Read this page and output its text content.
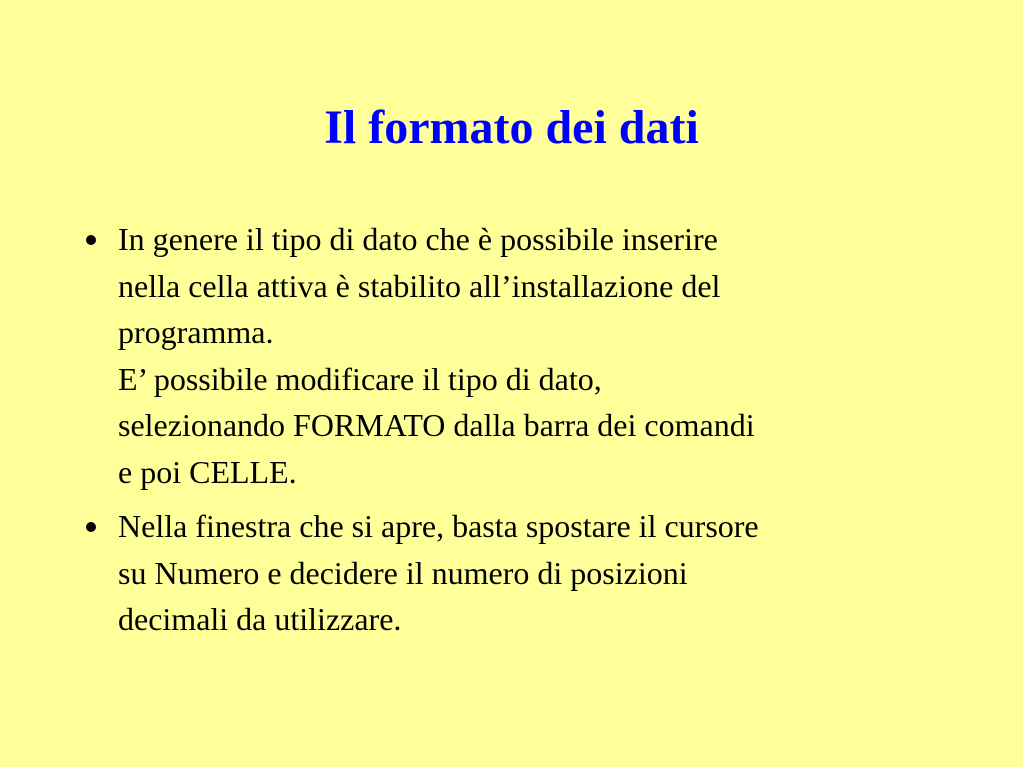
Il formato dei dati
In genere il tipo di dato che è possibile inserire
nella cella attiva è stabilito all’installazione del
programma.
E’ possibile modificare il tipo di dato,
selezionando FORMATO dalla barra dei comandi
e poi CELLE.
Nella finestra che si apre, basta spostare il cursore
su Numero e decidere il numero di posizioni
decimali da utilizzare.
